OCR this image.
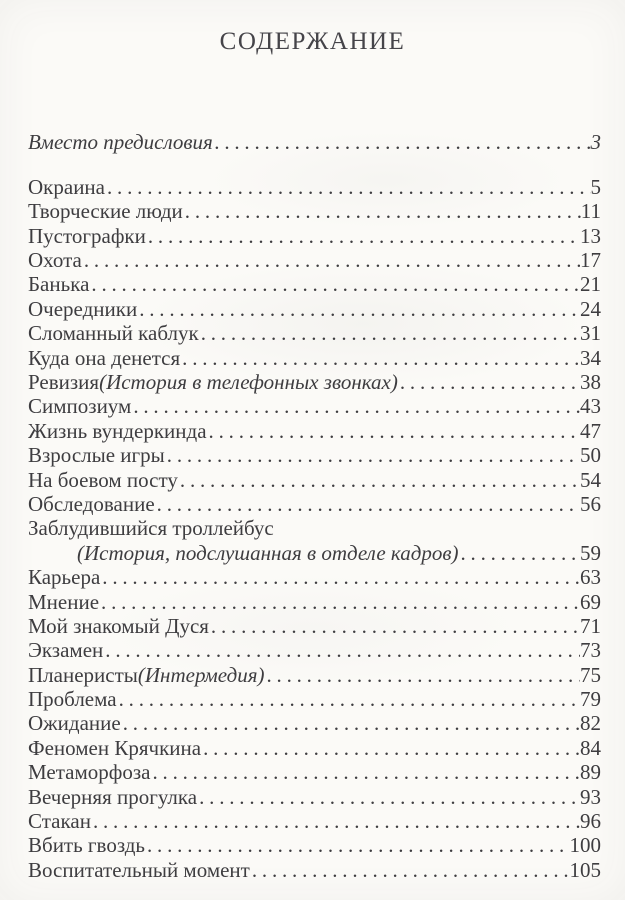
СОДЕРЖАНИЕ
Вместо предисловия .....	3
Окраина .....	5
Творческие люди .....	11
Пустографки .....	13
Охота .....	17
Банька .....	21
Очередники .....	24
Сломанный каблук .....	31
Куда она денется .....	34
Ревизия (История в телефонных звонках) .....	38
Симпозиум .....	43
Жизнь вундеркинда .....	47
Взрослые игры .....	50
На боевом посту .....	54
Обследование .....	56
Заблудившийся троллейбус
(История, подслушанная в отделе кадров) .....	59
Карьера .....	63
Мнение .....	69
Мой знакомый Дуся .....	71
Экзамен .....	73
Планеристы (Интермедия) .....	75
Проблема .....	79
Ожидание .....	82
Феномен Крячкина .....	84
Метаморфоза .....	89
Вечерняя прогулка .....	93
Стакан .....	96
Вбить гвоздь .....	100
Воспитательный момент .....	105
